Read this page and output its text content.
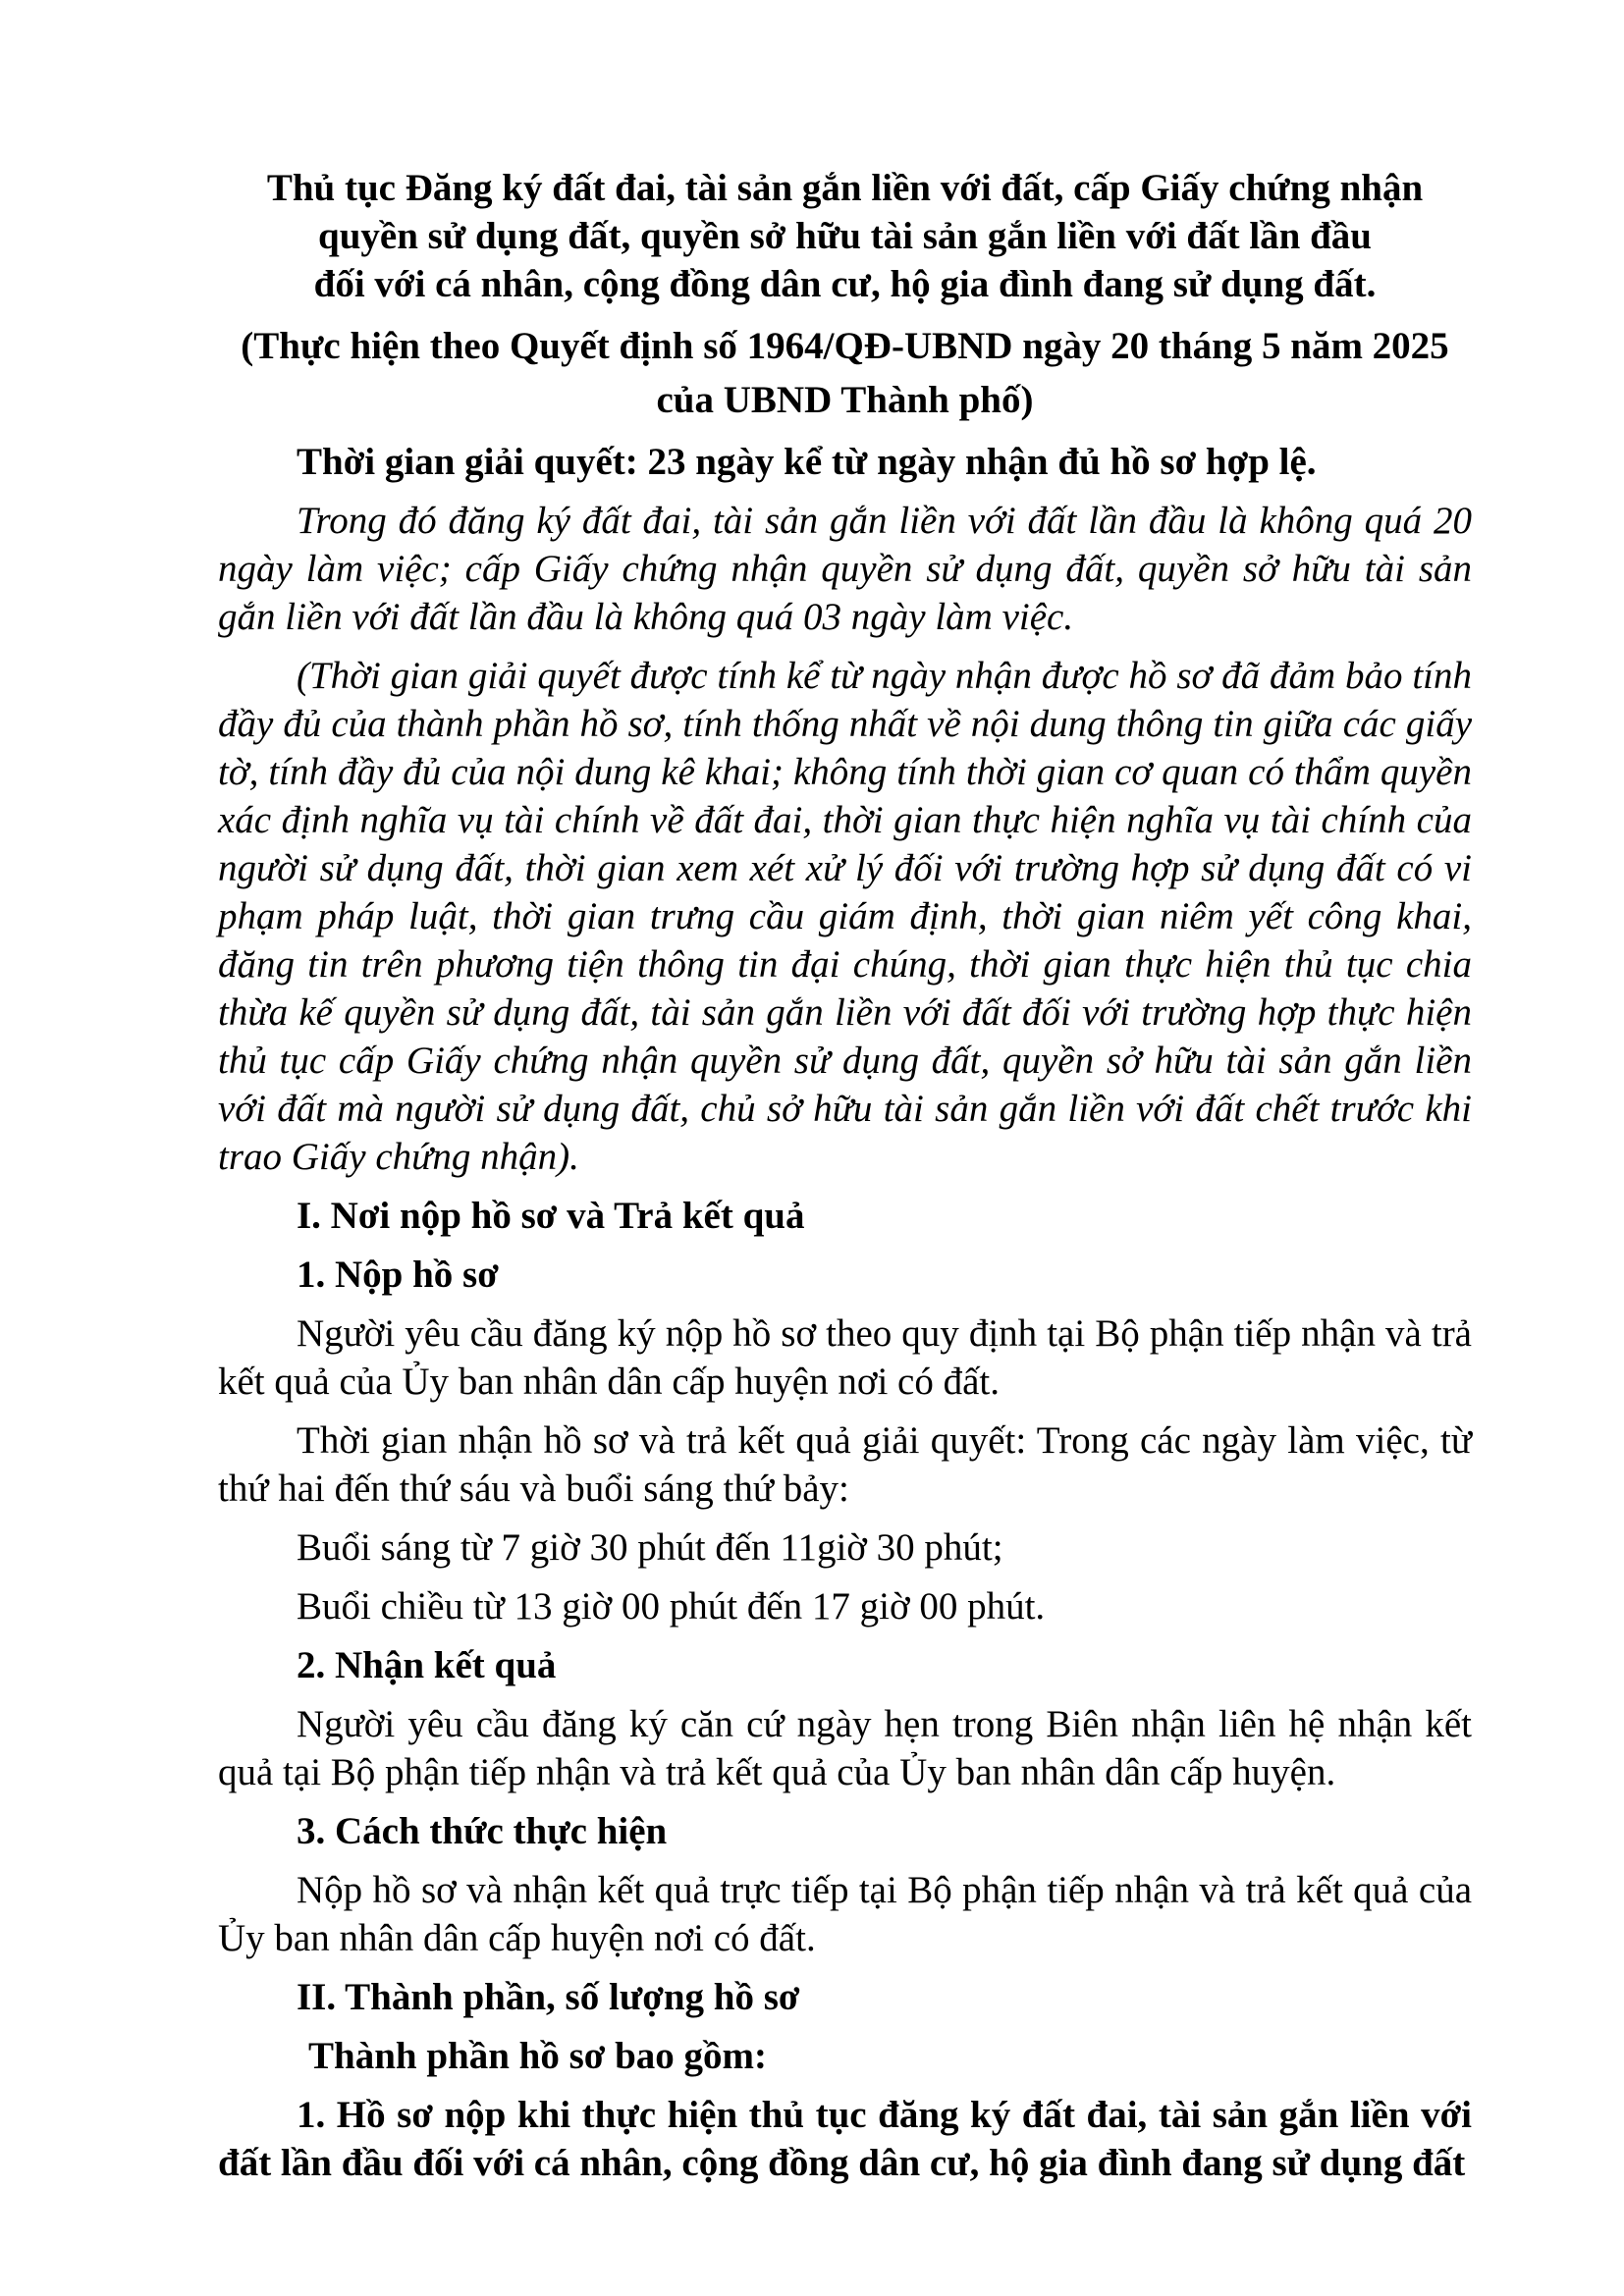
Thủ tục Đăng ký đất đai, tài sản gắn liền với đất, cấp Giấy chứng nhận
quyền sử dụng đất, quyền sở hữu tài sản gắn liền với đất lần đầu
đối với cá nhân, cộng đồng dân cư, hộ gia đình đang sử dụng đất.
(Thực hiện theo Quyết định số 1964/QĐ-UBND ngày 20 tháng 5 năm 2025
của UBND Thành phố)

Thời gian giải quyết: 23 ngày kể từ ngày nhận đủ hồ sơ hợp lệ.

Trong đó đăng ký đất đai, tài sản gắn liền với đất lần đầu là không quá 20 ngày làm việc; cấp Giấy chứng nhận quyền sử dụng đất, quyền sở hữu tài sản gắn liền với đất lần đầu là không quá 03 ngày làm việc.

(Thời gian giải quyết được tính kể từ ngày nhận được hồ sơ đã đảm bảo tính đầy đủ của thành phần hồ sơ, tính thống nhất về nội dung thông tin giữa các giấy tờ, tính đầy đủ của nội dung kê khai; không tính thời gian cơ quan có thẩm quyền xác định nghĩa vụ tài chính về đất đai, thời gian thực hiện nghĩa vụ tài chính của người sử dụng đất, thời gian xem xét xử lý đối với trường hợp sử dụng đất có vi phạm pháp luật, thời gian trưng cầu giám định, thời gian niêm yết công khai, đăng tin trên phương tiện thông tin đại chúng, thời gian thực hiện thủ tục chia thừa kế quyền sử dụng đất, tài sản gắn liền với đất đối với trường hợp thực hiện thủ tục cấp Giấy chứng nhận quyền sử dụng đất, quyền sở hữu tài sản gắn liền với đất mà người sử dụng đất, chủ sở hữu tài sản gắn liền với đất chết trước khi trao Giấy chứng nhận).

I. Nơi nộp hồ sơ và Trả kết quả

1. Nộp hồ sơ

Người yêu cầu đăng ký nộp hồ sơ theo quy định tại Bộ phận tiếp nhận và trả kết quả của Ủy ban nhân dân cấp huyện nơi có đất.

Thời gian nhận hồ sơ và trả kết quả giải quyết: Trong các ngày làm việc, từ thứ hai đến thứ sáu và buổi sáng thứ bảy:

Buổi sáng từ 7 giờ 30 phút đến 11giờ 30 phút;

Buổi chiều từ 13 giờ 00 phút đến 17 giờ 00 phút.

2. Nhận kết quả

Người yêu cầu đăng ký căn cứ ngày hẹn trong Biên nhận liên hệ nhận kết quả tại Bộ phận tiếp nhận và trả kết quả của Ủy ban nhân dân cấp huyện.

3. Cách thức thực hiện

Nộp hồ sơ và nhận kết quả trực tiếp tại Bộ phận tiếp nhận và trả kết quả của Ủy ban nhân dân cấp huyện nơi có đất.

II. Thành phần, số lượng hồ sơ

Thành phần hồ sơ bao gồm:

1. Hồ sơ nộp khi thực hiện thủ tục đăng ký đất đai, tài sản gắn liền với đất lần đầu đối với cá nhân, cộng đồng dân cư, hộ gia đình đang sử dụng đất
